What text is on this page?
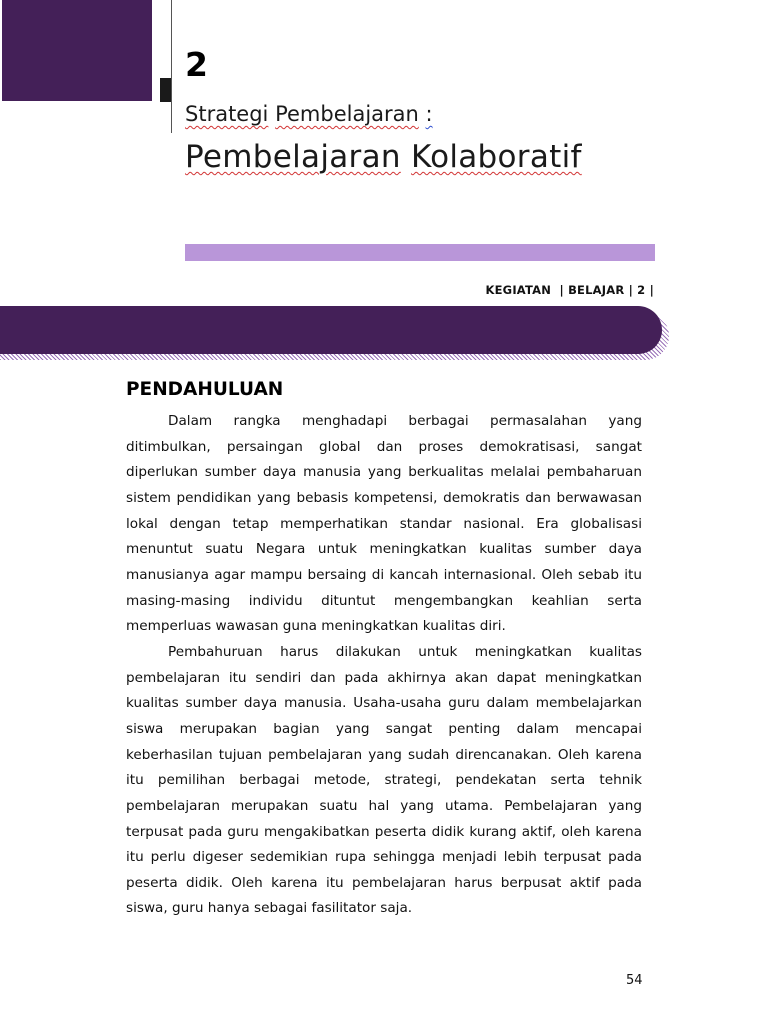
2
Strategi Pembelajaran :
Pembelajaran Kolaboratif
KEGIATAN  | BELAJAR | 2 |
PENDAHULUAN

Dalam rangka menghadapi berbagai permasalahan yang ditimbulkan, persaingan global dan proses demokratisasi, sangat diperlukan sumber daya manusia yang berkualitas melalai pembaharuan sistem pendidikan yang bebasis kompetensi, demokratis dan berwawasan lokal dengan tetap memperhatikan standar nasional. Era globalisasi menuntut suatu Negara untuk meningkatkan kualitas sumber daya manusianya agar mampu bersaing di kancah internasional. Oleh sebab itu masing-masing individu dituntut mengembangkan keahlian serta memperluas wawasan guna meningkatkan kualitas diri.

Pembahuruan harus dilakukan untuk meningkatkan kualitas pembelajaran itu sendiri dan pada akhirnya akan dapat meningkatkan kualitas sumber daya manusia. Usaha-usaha guru dalam membelajarkan siswa merupakan bagian yang sangat penting dalam mencapai keberhasilan tujuan pembelajaran yang sudah direncanakan. Oleh karena itu pemilihan berbagai metode, strategi, pendekatan serta tehnik pembelajaran merupakan suatu hal yang utama. Pembelajaran yang terpusat pada guru mengakibatkan peserta didik kurang aktif, oleh karena itu perlu digeser sedemikian rupa sehingga menjadi lebih terpusat pada peserta didik. Oleh karena itu pembelajaran harus berpusat aktif pada siswa, guru hanya sebagai fasilitator saja.

54
